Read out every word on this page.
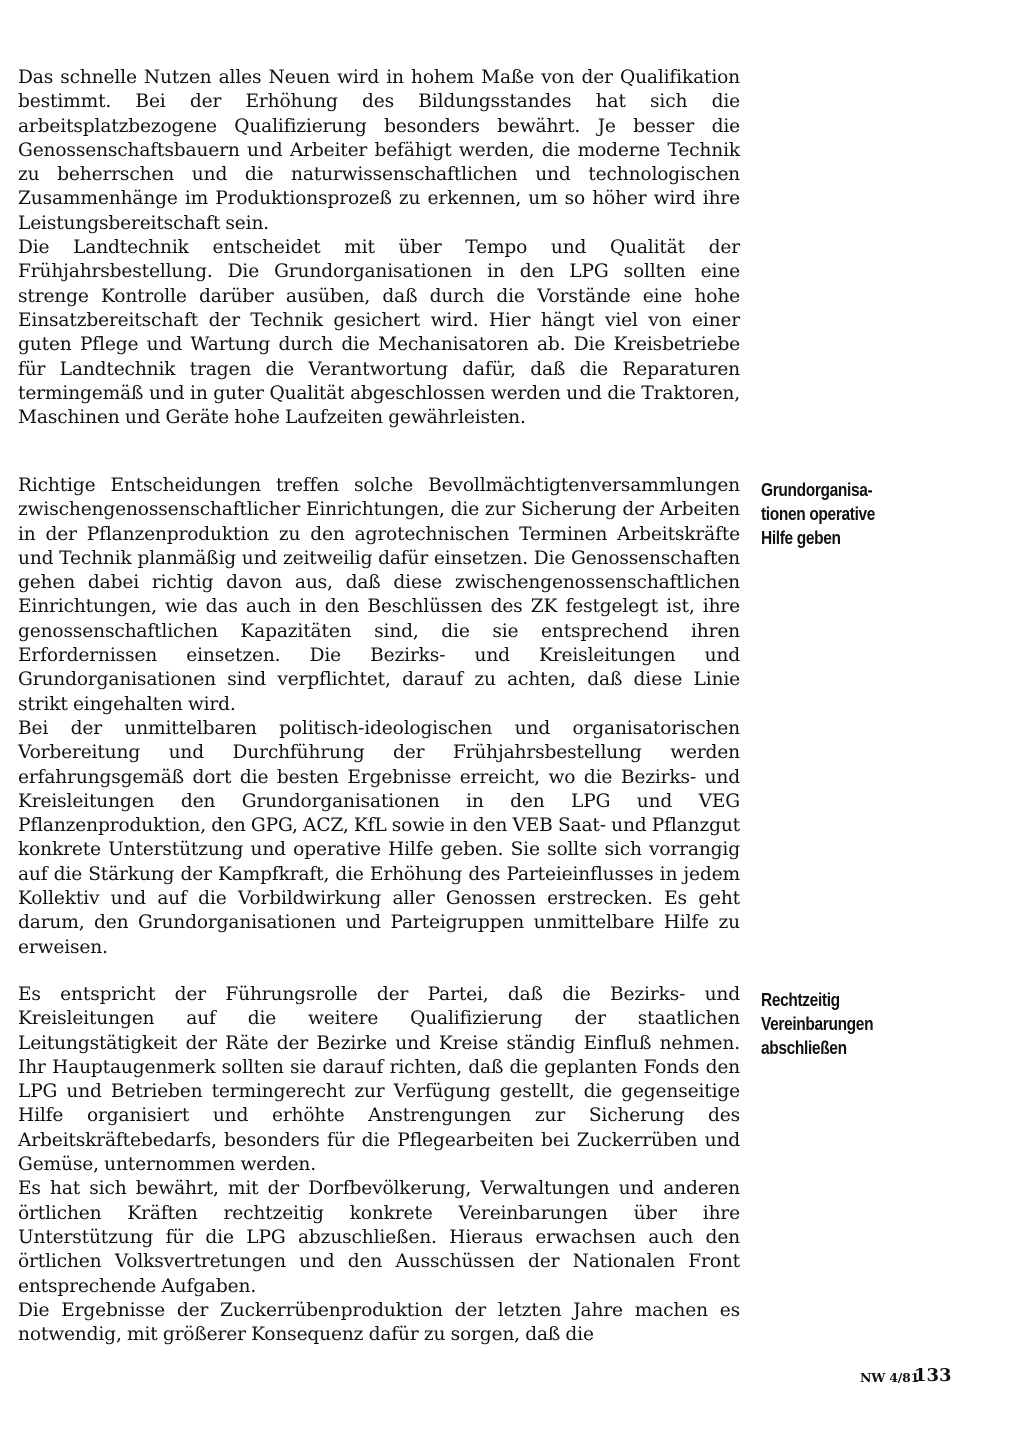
Das schnelle Nutzen alles Neuen wird in hohem Maße von der Qualifikation bestimmt. Bei der Erhöhung des Bildungsstandes hat sich die arbeitsplatzbezogene Qualifizierung besonders bewährt. Je besser die Genossenschaftsbauern und Arbeiter befähigt werden, die moderne Technik zu beherrschen und die naturwissenschaftlichen und technologischen Zusammenhänge im Produktionsprozeß zu erkennen, um so höher wird ihre Leistungsbereitschaft sein.

Die Landtechnik entscheidet mit über Tempo und Qualität der Frühjahrsbestellung. Die Grundorganisationen in den LPG sollten eine strenge Kontrolle darüber ausüben, daß durch die Vorstände eine hohe Einsatzbereitschaft der Technik gesichert wird. Hier hängt viel von einer guten Pflege und Wartung durch die Mechanisatoren ab. Die Kreisbetriebe für Landtechnik tragen die Verantwortung dafür, daß die Reparaturen termingemäß und in guter Qualität abgeschlossen werden und die Traktoren, Maschinen und Geräte hohe Laufzeiten gewährleisten.

Grundorganisa-
tionen operative
Hilfe geben

Richtige Entscheidungen treffen solche Bevollmächtigtenversammlungen zwischengenossenschaftlicher Einrichtungen, die zur Sicherung der Arbeiten in der Pflanzenproduktion zu den agrotechnischen Terminen Arbeitskräfte und Technik planmäßig und zeitweilig dafür einsetzen. Die Genossenschaften gehen dabei richtig davon aus, daß diese zwischengenossenschaftlichen Einrichtungen, wie das auch in den Beschlüssen des ZK festgelegt ist, ihre genossenschaftlichen Kapazitäten sind, die sie entsprechend ihren Erfordernissen einsetzen. Die Bezirks- und Kreisleitungen und Grundorganisationen sind verpflichtet, darauf zu achten, daß diese Linie strikt eingehalten wird.

Bei der unmittelbaren politisch-ideologischen und organisatorischen Vorbereitung und Durchführung der Frühjahrsbestellung werden erfahrungsgemäß dort die besten Ergebnisse erreicht, wo die Bezirks- und Kreisleitungen den Grundorganisationen in den LPG und VEG Pflanzenproduktion, den GPG, ACZ, KfL sowie in den VEB Saat- und Pflanzgut konkrete Unterstützung und operative Hilfe geben. Sie sollte sich vorrangig auf die Stärkung der Kampfkraft, die Erhöhung des Parteieinflusses in jedem Kollektiv und auf die Vorbildwirkung aller Genossen erstrecken. Es geht darum, den Grundorganisationen und Parteigruppen unmittelbare Hilfe zu erweisen.

Rechtzeitig
Vereinbarungen
abschließen

Es entspricht der Führungsrolle der Partei, daß die Bezirks- und Kreisleitungen auf die weitere Qualifizierung der staatlichen Leitungstätigkeit der Räte der Bezirke und Kreise ständig Einfluß nehmen. Ihr Hauptaugenmerk sollten sie darauf richten, daß die geplanten Fonds den LPG und Betrieben termingerecht zur Verfügung gestellt, die gegenseitige Hilfe organisiert und erhöhte Anstrengungen zur Sicherung des Arbeitskräftebedarfs, besonders für die Pflegearbeiten bei Zuckerrüben und Gemüse, unternommen werden.

Es hat sich bewährt, mit der Dorfbevölkerung, Verwaltungen und anderen örtlichen Kräften rechtzeitig konkrete Vereinbarungen über ihre Unterstützung für die LPG abzuschließen. Hieraus erwachsen auch den örtlichen Volksvertretungen und den Ausschüssen der Nationalen Front entsprechende Aufgaben.

Die Ergebnisse der Zuckerrübenproduktion der letzten Jahre machen es notwendig, mit größerer Konsequenz dafür zu sorgen, daß die

NW 4/81
133
